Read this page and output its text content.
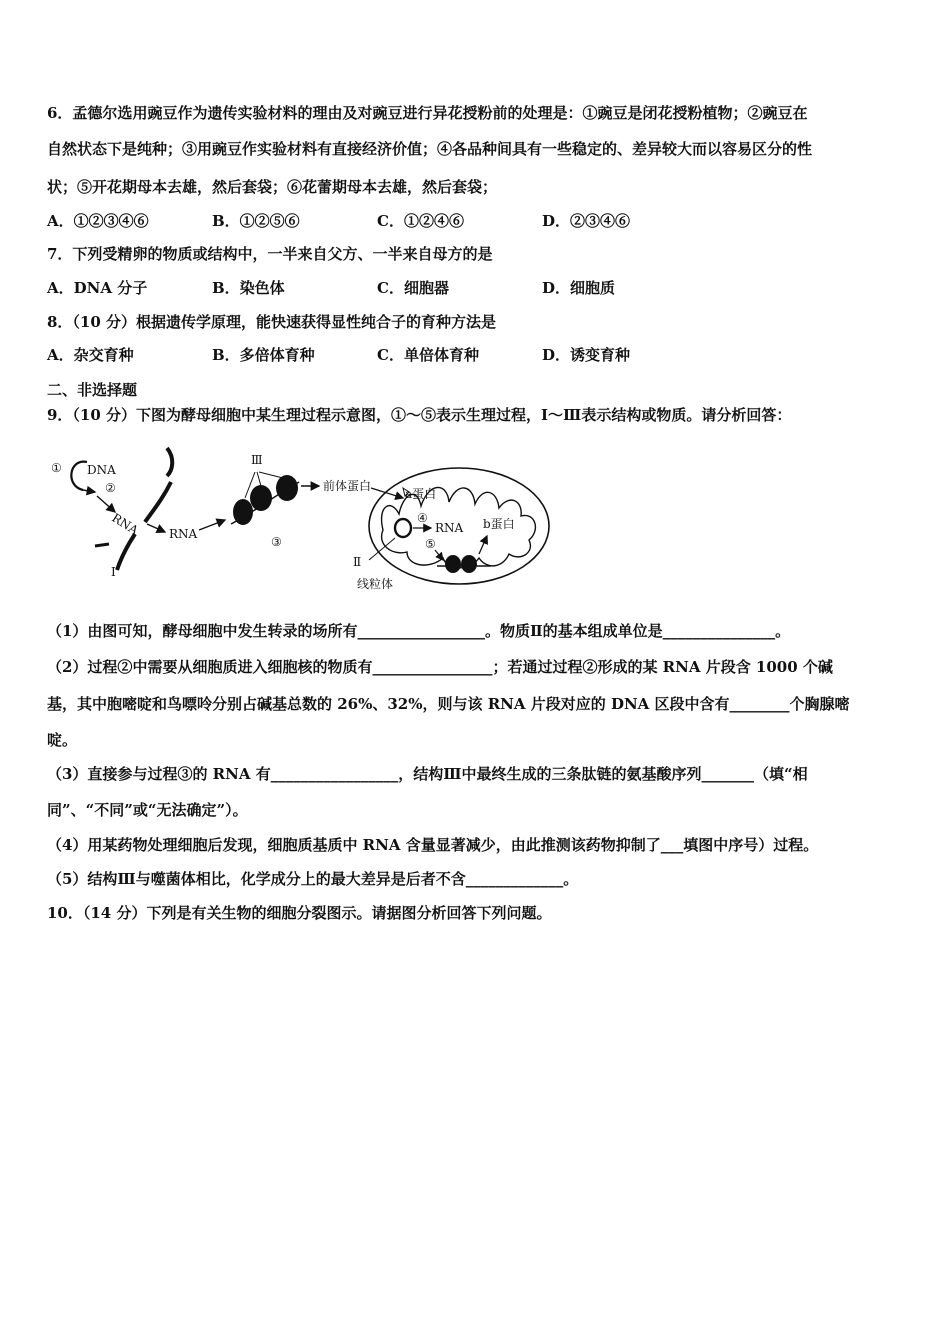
6．孟德尔选用豌豆作为遗传实验材料的理由及对豌豆进行异花授粉前的处理是：①豌豆是闭花授粉植物；②豌豆在
自然状态下是纯种；③用豌豆作实验材料有直接经济价值；④各品种间具有一些稳定的、差异较大而以容易区分的性
状；⑤开花期母本去雄，然后套袋；⑥花蕾期母本去雄，然后套袋；
A．①②③④⑥	B．①②⑤⑥	C．①②④⑥	D．②③④⑥
7．下列受精卵的物质或结构中，一半来自父方、一半来自母方的是
A．DNA 分子	B．染色体	C．细胞器	D．细胞质
8．（10 分）根据遗传学原理，能快速获得显性纯合子的育种方法是
A．杂交育种	B．多倍体育种	C．单倍体育种	D．诱变育种
二、非选择题
9．（10 分）下图为酵母细胞中某生理过程示意图，①～⑤表示生理过程，Ⅰ～Ⅲ表示结构或物质。请分析回答：
① DNA
②
RNA
Ⅰ
RNA
Ⅲ
③
前体蛋白
a蛋白
④
RNA b蛋白
⑤
Ⅱ
线粒体
（1）由图可知，酵母细胞中发生转录的场所有_________________。物质Ⅱ的基本组成单位是_______________。
（2）过程②中需要从细胞质进入细胞核的物质有________________；若通过过程②形成的某 RNA 片段含 1000 个碱
基，其中胞嘧啶和鸟嘌呤分别占碱基总数的 26%、32%，则与该 RNA 片段对应的 DNA 区段中含有________个胸腺嘧
啶。
（3）直接参与过程③的 RNA 有_________________，结构Ⅲ中最终生成的三条肽链的氨基酸序列_______（填“相
同”、“不同”或“无法确定”）。
（4）用某药物处理细胞后发现，细胞质基质中 RNA 含量显著减少，由此推测该药物抑制了___填图中序号）过程。
（5）结构Ⅲ与噬菌体相比，化学成分上的最大差异是后者不含_____________。
10．（14 分）下列是有关生物的细胞分裂图示。请据图分析回答下列问题。
